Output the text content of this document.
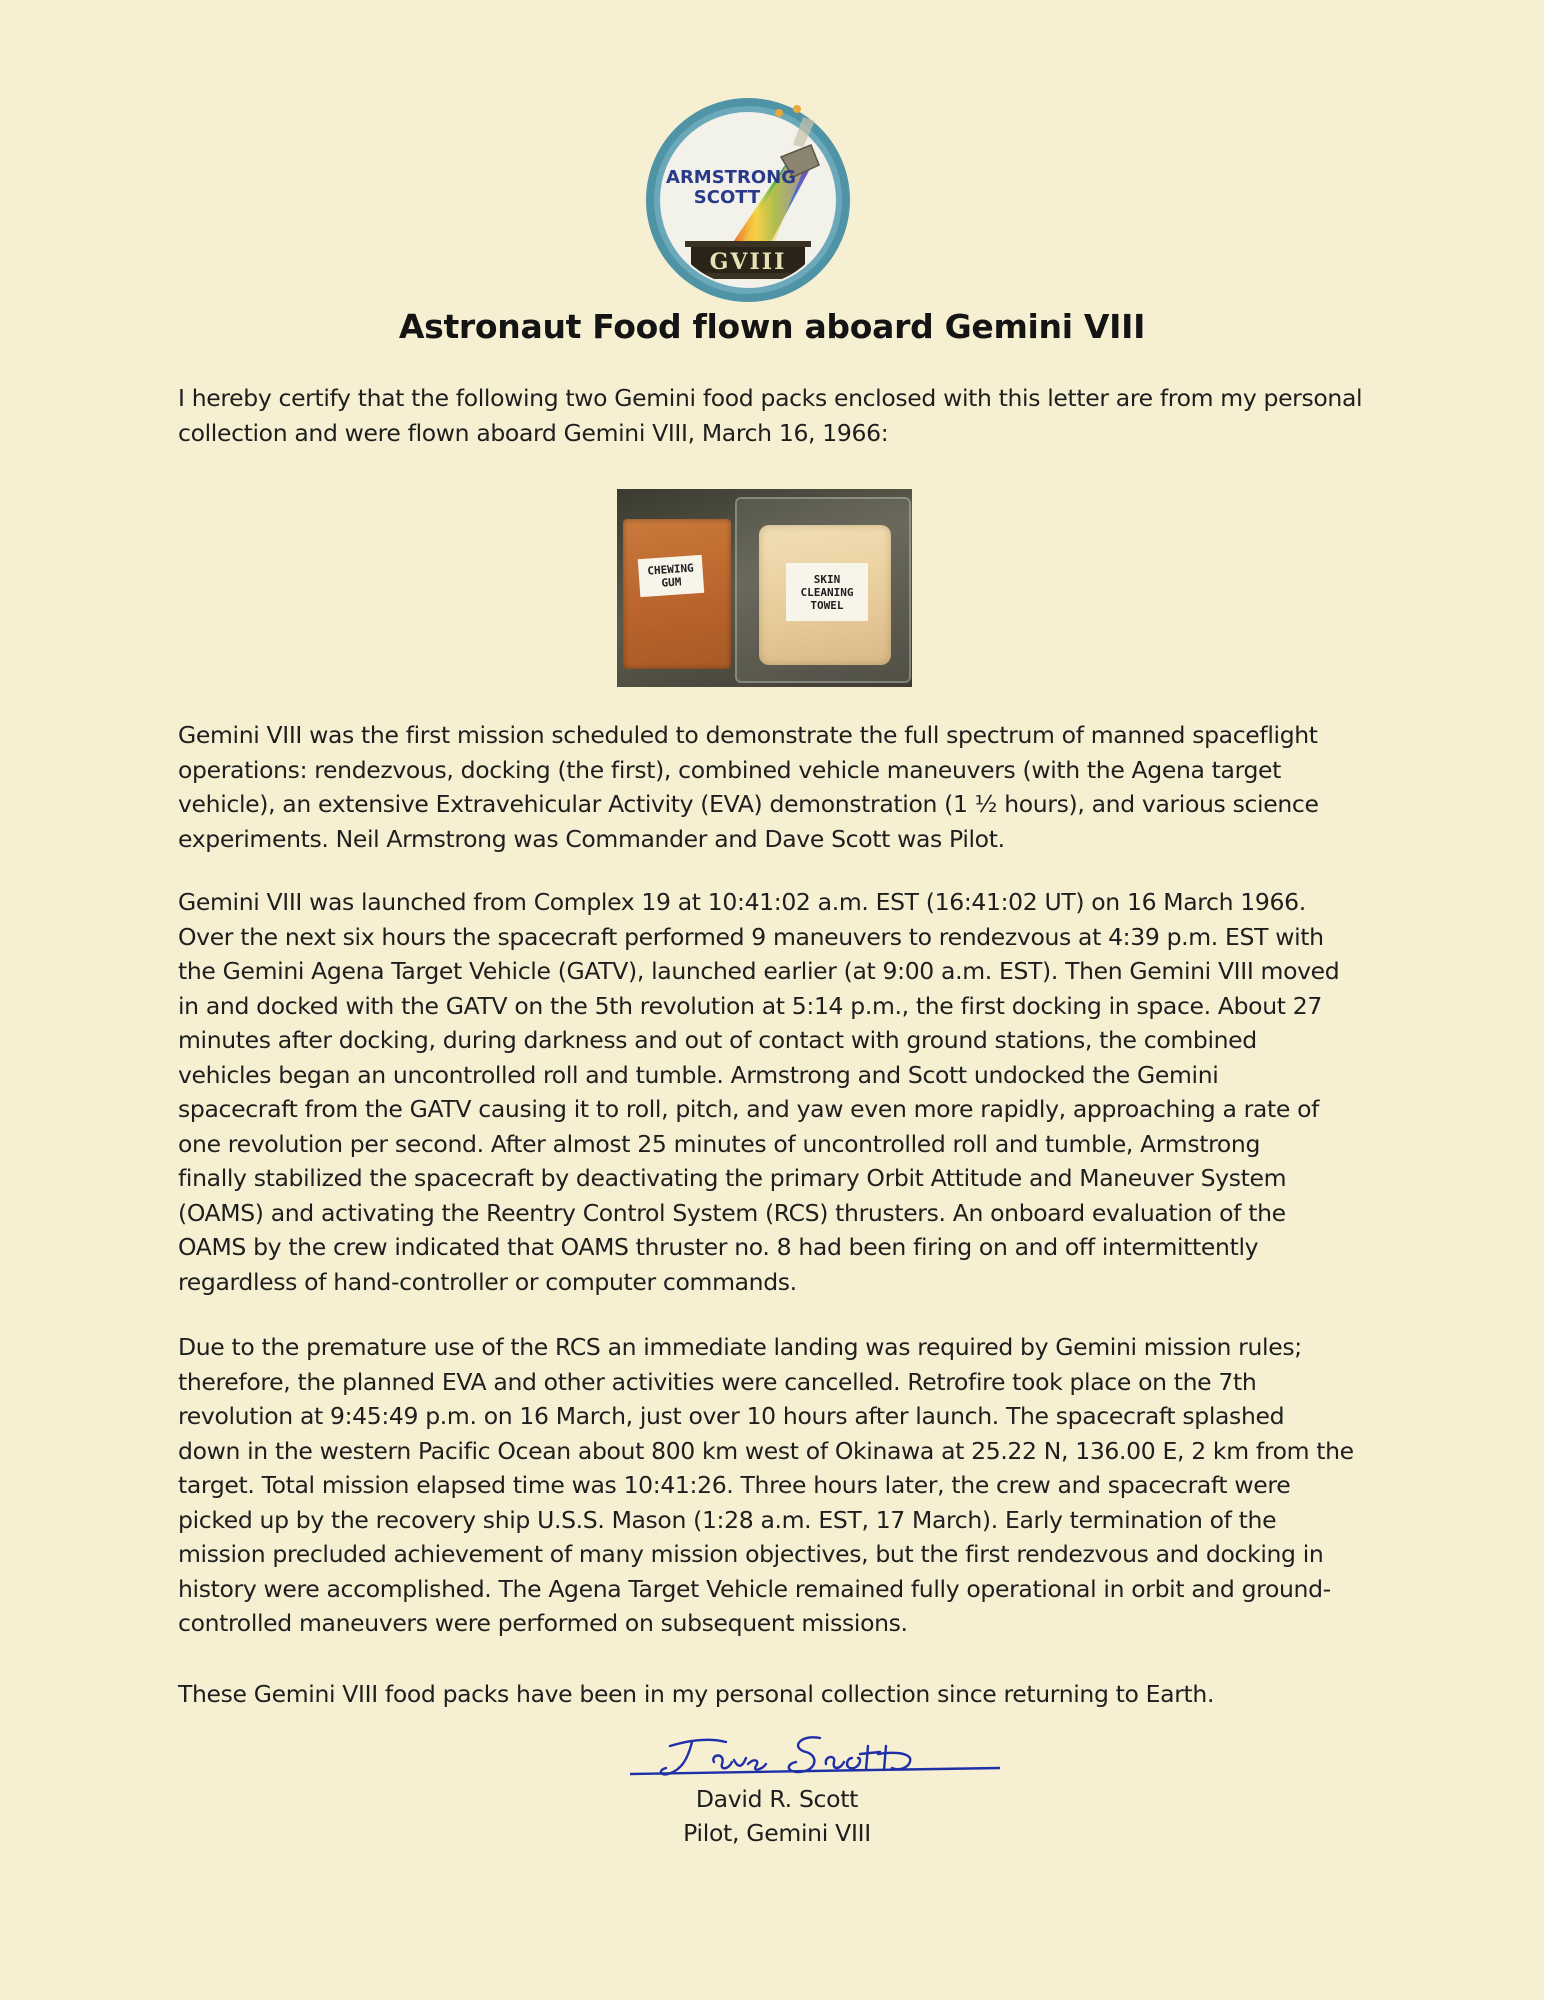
ARMSTRONG
SCOTT
GVIII
Astronaut Food flown aboard Gemini VIII

I hereby certify that the following two Gemini food packs enclosed with this letter are from my personal
collection and were flown aboard Gemini VIII, March 16, 1966:

CHEWING
GUM	SKIN
CLEANING
TOWEL

Gemini VIII was the first mission scheduled to demonstrate the full spectrum of manned spaceflight
operations: rendezvous, docking (the first), combined vehicle maneuvers (with the Agena target
vehicle), an extensive Extravehicular Activity (EVA) demonstration (1 ½ hours), and various science
experiments. Neil Armstrong was Commander and Dave Scott was Pilot.

Gemini VIII was launched from Complex 19 at 10:41:02 a.m. EST (16:41:02 UT) on 16 March 1966.
Over the next six hours the spacecraft performed 9 maneuvers to rendezvous at 4:39 p.m. EST with
the Gemini Agena Target Vehicle (GATV), launched earlier (at 9:00 a.m. EST). Then Gemini VIII moved
in and docked with the GATV on the 5th revolution at 5:14 p.m., the first docking in space. About 27
minutes after docking, during darkness and out of contact with ground stations, the combined
vehicles began an uncontrolled roll and tumble. Armstrong and Scott undocked the Gemini
spacecraft from the GATV causing it to roll, pitch, and yaw even more rapidly, approaching a rate of
one revolution per second. After almost 25 minutes of uncontrolled roll and tumble, Armstrong
finally stabilized the spacecraft by deactivating the primary Orbit Attitude and Maneuver System
(OAMS) and activating the Reentry Control System (RCS) thrusters. An onboard evaluation of the
OAMS by the crew indicated that OAMS thruster no. 8 had been firing on and off intermittently
regardless of hand-controller or computer commands.

Due to the premature use of the RCS an immediate landing was required by Gemini mission rules;
therefore, the planned EVA and other activities were cancelled. Retrofire took place on the 7th
revolution at 9:45:49 p.m. on 16 March, just over 10 hours after launch. The spacecraft splashed
down in the western Pacific Ocean about 800 km west of Okinawa at 25.22 N, 136.00 E, 2 km from the
target. Total mission elapsed time was 10:41:26. Three hours later, the crew and spacecraft were
picked up by the recovery ship U.S.S. Mason (1:28 a.m. EST, 17 March). Early termination of the
mission precluded achievement of many mission objectives, but the first rendezvous and docking in
history were accomplished. The Agena Target Vehicle remained fully operational in orbit and ground-
controlled maneuvers were performed on subsequent missions.

These Gemini VIII food packs have been in my personal collection since returning to Earth.

David R. Scott
Pilot, Gemini VIII
